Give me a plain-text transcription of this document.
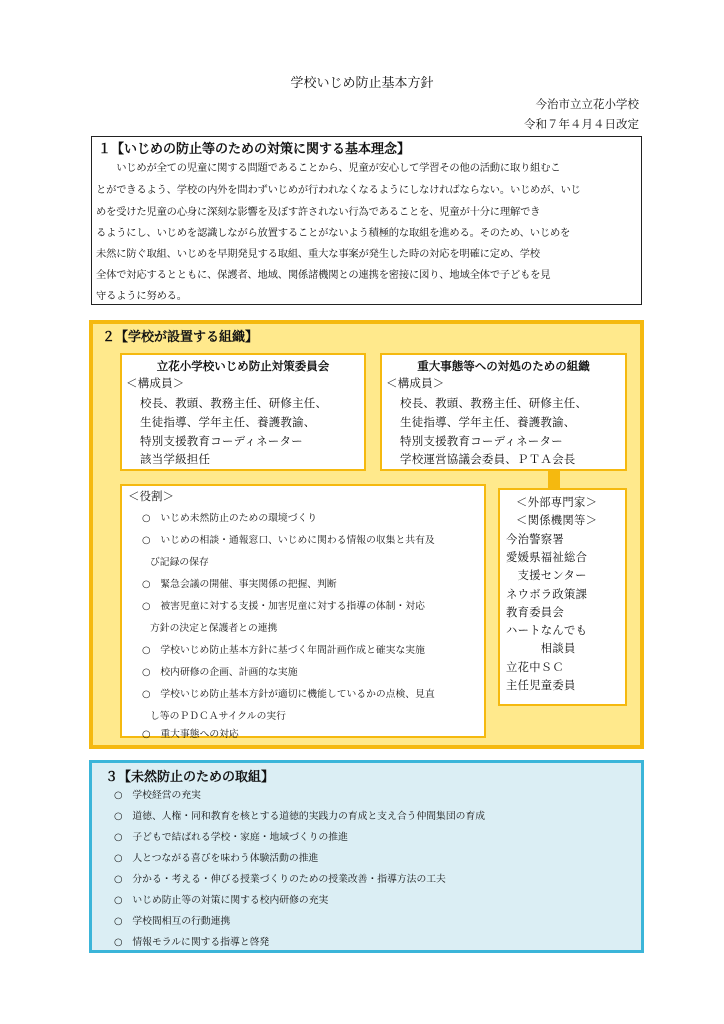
学校いじめ防止基本方針
今治市立立花小学校
令和７年４月４日改定
１【いじめの防止等のための対策に関する基本理念】
　　いじめが全ての児童に関する問題であることから、児童が安心して学習その他の活動に取り組むこ
とができるよう、学校の内外を問わずいじめが行われなくなるようにしなければならない。いじめが、いじ
めを受けた児童の心身に深刻な影響を及ぼす許されない行為であることを、児童が十分に理解でき
るようにし、いじめを認識しながら放置することがないよう積極的な取組を進める。そのため、いじめを
未然に防ぐ取組、いじめを早期発見する取組、重大な事案が発生した時の対応を明確に定め、学校
全体で対応するとともに、保護者、地域、関係諸機関との連携を密接に図り、地域全体で子どもを見
守るように努める。
２【学校が設置する組織】
立花小学校いじめ防止対策委員会
＜構成員＞
校長、教頭、教務主任、研修主任、
生徒指導、学年主任、養護教諭、
特別支援教育コーディネーター
該当学級担任
重大事態等への対処のための組織
＜構成員＞
校長、教頭、教務主任、研修主任、
生徒指導、学年主任、養護教諭、
特別支援教育コーディネーター
学校運営協議会委員、ＰＴＡ会長
＜役割＞
○　いじめ未然防止のための環境づくり
○　いじめの相談・通報窓口、いじめに関わる情報の収集と共有及
び記録の保存
○　緊急会議の開催、事実関係の把握、判断
○　被害児童に対する支援・加害児童に対する指導の体制・対応
方針の決定と保護者との連携
○　学校いじめ防止基本方針に基づく年間計画作成と確実な実施
○　校内研修の企画、計画的な実施
○　学校いじめ防止基本方針が適切に機能しているかの点検、見直
し等のＰＤＣＡサイクルの実行
○　重大事態への対応
＜外部専門家＞
＜関係機関等＞
今治警察署
愛媛県福祉総合
　支援センター
ネウボラ政策課
教育委員会
ハートなんでも
　　　相談員
立花中ＳＣ
主任児童委員
３【未然防止のための取組】
○　学校経営の充実
○　道徳、人権・同和教育を核とする道徳的実践力の育成と支え合う仲間集団の育成
○　子どもで結ばれる学校・家庭・地域づくりの推進
○　人とつながる喜びを味わう体験活動の推進
○　分かる・考える・伸びる授業づくりのための授業改善・指導方法の工夫
○　いじめ防止等の対策に関する校内研修の充実
○　学校間相互の行動連携
○　情報モラルに関する指導と啓発
